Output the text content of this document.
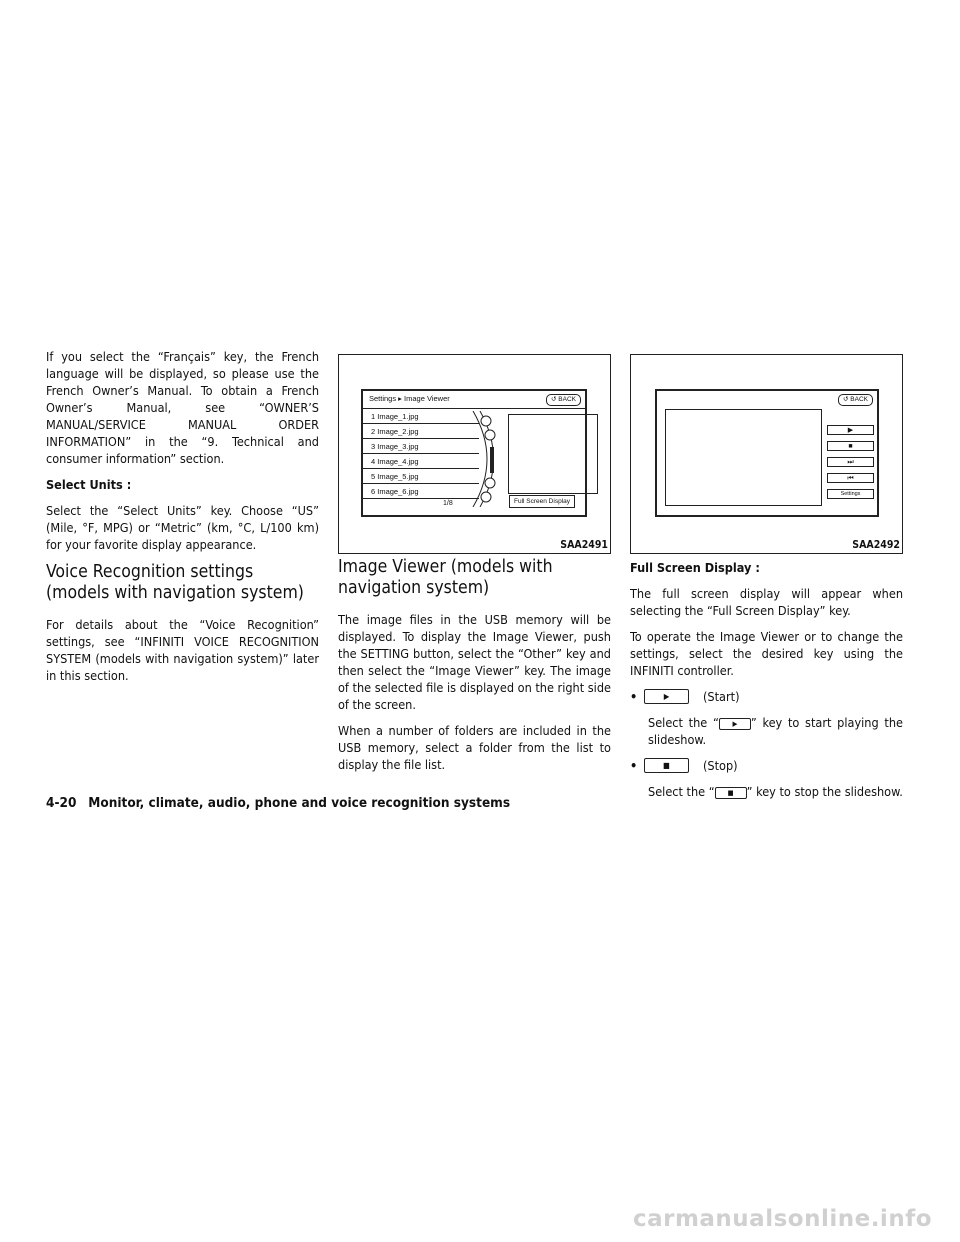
If you select the “Français” key, the French language will be displayed, so please use the French Owner’s Manual. To obtain a French Owner’s Manual, see “OWNER’S MANUAL/SERVICE MANUAL ORDER INFORMATION” in the “9. Technical and consumer information” section.

Select Units :

Select the “Select Units” key. Choose “US” (Mile, °F, MPG) or “Metric” (km, °C, L/100 km) for your favorite display appearance.

Voice Recognition settings (models with navigation system)

For details about the “Voice Recognition” settings, see “INFINITI VOICE RECOGNITION SYSTEM (models with navigation system)” later in this section.

Settings ▸ Image Viewer	↺ BACK
1 Image_1.jpg
2 Image_2.jpg
3 Image_3.jpg
4 Image_4.jpg
5 Image_5.jpg
6 Image_6.jpg
1/8	Full Screen Display
SAA2491
Image Viewer (models with navigation system)

The image files in the USB memory will be displayed. To display the Image Viewer, push the SETTING button, select the “Other” key and then select the “Image Viewer” key. The image of the selected file is displayed on the right side of the screen.

When a number of folders are included in the USB memory, select a folder from the list to display the file list.

↺ BACK
▶
■
⏭
⏮
Settings
SAA2492

Full Screen Display :

The full screen display will appear when selecting the “Full Screen Display” key.

To operate the Image Viewer or to change the settings, select the desired key using the INFINITI controller.

•	▶	(Start)

Select the “ ▶ ” key to start playing the slideshow.

•	■	(Stop)

Select the “ ■ ” key to stop the slideshow.

4-20 Monitor, climate, audio, phone and voice recognition systems
carmanualsonline.info
